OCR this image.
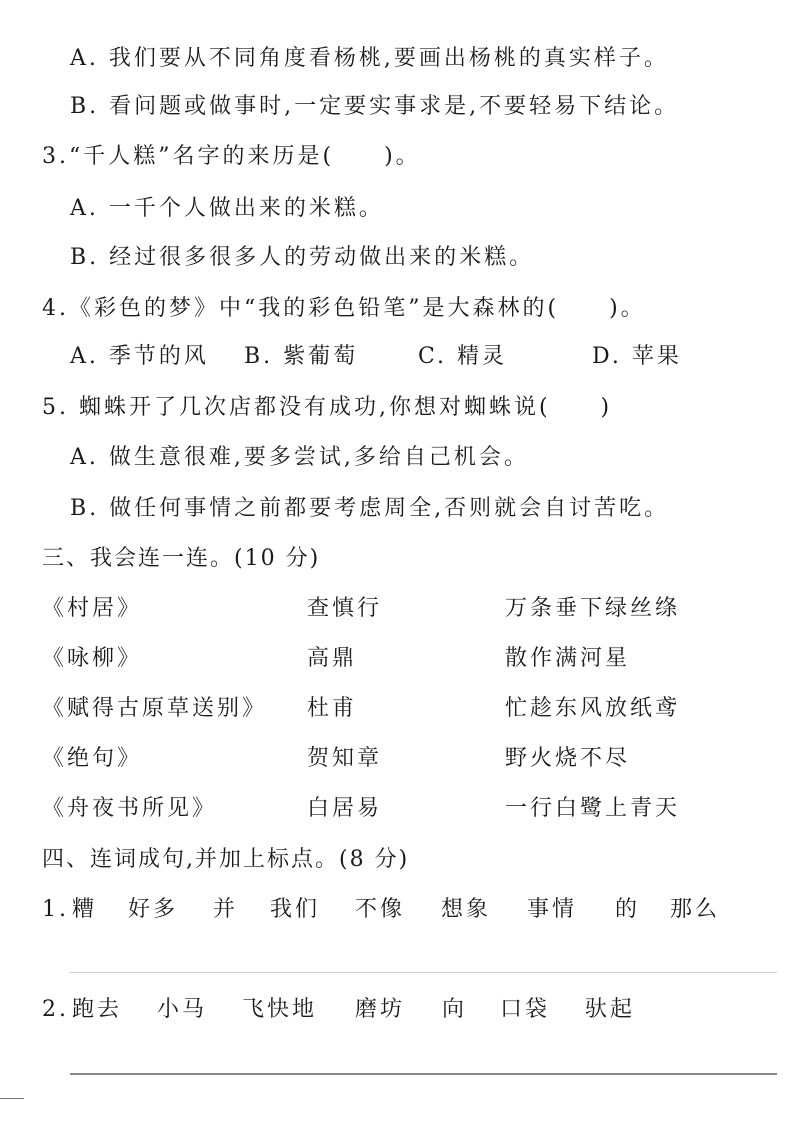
A. 我们要从不同角度看杨桃,要画出杨桃的真实样子。
B. 看问题或做事时,一定要实事求是,不要轻易下结论。
3.“千人糕”名字的来历是(　　)。
A. 一千个人做出来的米糕。
B. 经过很多很多人的劳动做出来的米糕。
4.《彩色的梦》中“我的彩色铅笔”是大森林的(　　)。
A. 季节的风 B. 紫葡萄	C. 精灵	D. 苹果
5. 蜘蛛开了几次店都没有成功,你想对蜘蛛说(　　)
A. 做生意很难,要多尝试,多给自己机会。
B. 做任何事情之前都要考虑周全,否则就会自讨苦吃。
三、我会连一连。(10 分)
《村居》	查慎行	万条垂下绿丝绦
《咏柳》	高鼎	散作满河星
《赋得古原草送别》 杜甫	忙趁东风放纸鸢
《绝句》	贺知章	野火烧不尽
《舟夜书所见》	白居易	一行白鹭上青天
四、连词成句,并加上标点。(8 分)
1. 糟 好多 并 我们 不像 想象 事情 的 那么
2. 跑去 小马 飞快地 磨坊 向 口袋 驮起
